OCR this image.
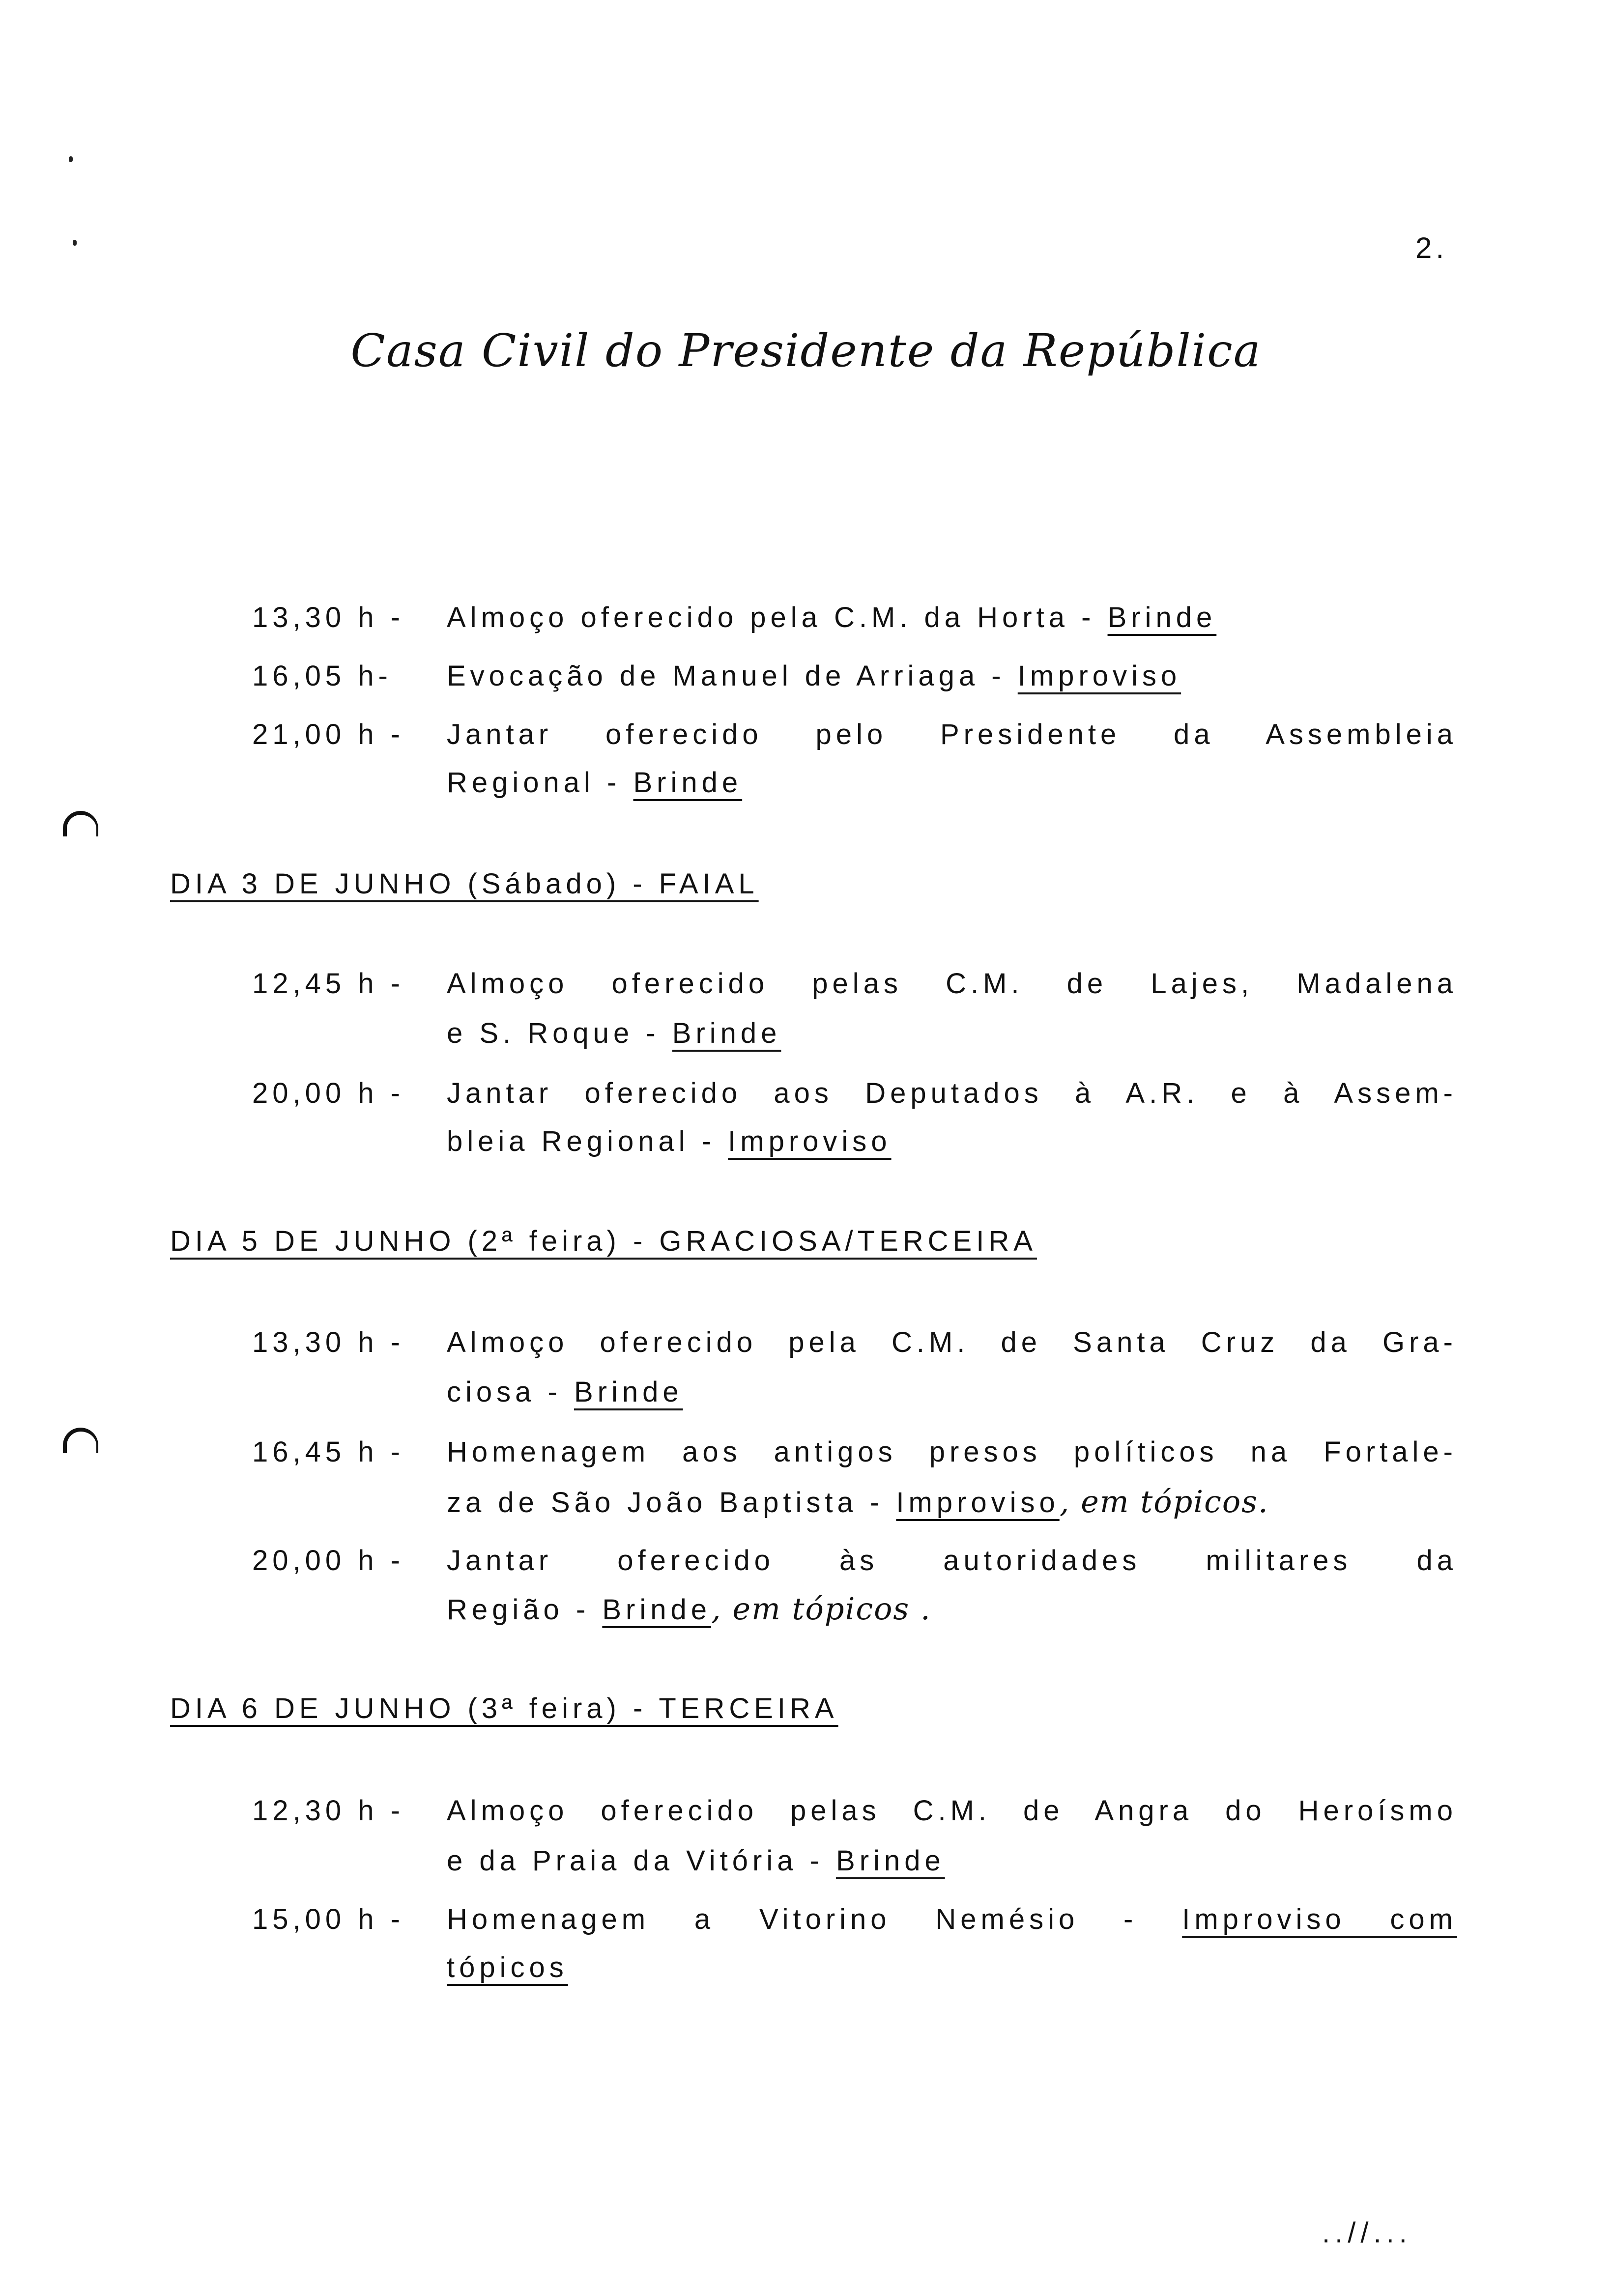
2.
Casa Civil do Presidente da República
13,30 h - Almoço oferecido pela C.M. da Horta - Brinde
16,05 h- Evocação de Manuel de Arriaga - Improviso
21,00 h - Jantar oferecido pelo Presidente da Assembleia
Regional - Brinde
DIA 3 DE JUNHO (Sábado) - FAIAL
12,45 h - Almoço oferecido pelas C.M. de Lajes, Madalena
e S. Roque - Brinde
20,00 h - Jantar oferecido aos Deputados à A.R. e à Assem-
bleia Regional - Improviso
DIA 5 DE JUNHO (2ª feira) - GRACIOSA/TERCEIRA
13,30 h - Almoço oferecido pela C.M. de Santa Cruz da Gra-
ciosa - Brinde
16,45 h - Homenagem aos antigos presos políticos na Fortale-
za de São João Baptista - Improviso, em tópicos.
20,00 h - Jantar oferecido às autoridades militares da
Região - Brinde, em tópicos .
DIA 6 DE JUNHO (3ª feira) - TERCEIRA
12,30 h - Almoço oferecido pelas C.M. de Angra do Heroísmo
e da Praia da Vitória - Brinde
15,00 h - Homenagem a Vitorino Nemésio - Improviso com
tópicos
..//...
